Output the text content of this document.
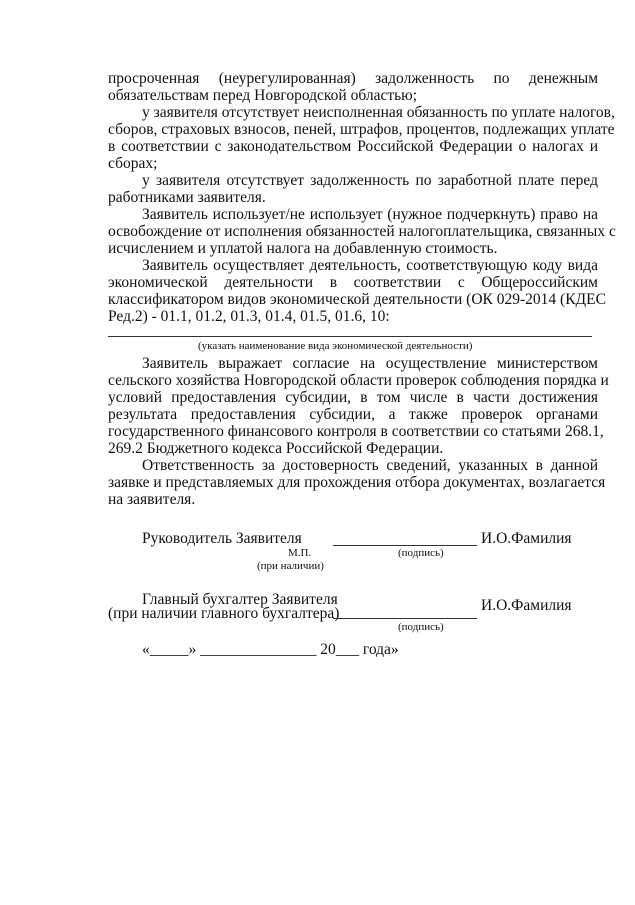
просроченная (неурегулированная) задолженность по денежным

обязательствам перед Новгородской областью;

у заявителя отсутствует неисполненная обязанность по уплате налогов,

сборов, страховых взносов, пеней, штрафов, процентов, подлежащих уплате

в соответствии с законодательством Российской Федерации о налогах и

сборах;

у заявителя отсутствует задолженность по заработной плате перед

работниками заявителя.

Заявитель использует/не использует (нужное подчеркнуть) право на

освобождение от исполнения обязанностей налогоплательщика, связанных с

исчислением и уплатой налога на добавленную стоимость.

Заявитель осуществляет деятельность, соответствующую коду вида

экономической деятельности в соответствии с Общероссийским

классификатором видов экономической деятельности (ОК 029-2014 (КДЕС

Ред.2) - 01.1, 01.2, 01.3, 01.4, 01.5, 01.6, 10:

(указать наименование вида экономической деятельности)

Заявитель выражает согласие на осуществление министерством

сельского хозяйства Новгородской области проверок соблюдения порядка и

условий предоставления субсидии, в том числе в части достижения

результата предоставления субсидии, а также проверок органами

государственного финансового контроля в соответствии со статьями 268.1,

269.2 Бюджетного кодекса Российской Федерации.

Ответственность за достоверность сведений, указанных в данной

заявке и представляемых для прохождения отбора документах, возлагается

на заявителя.

Руководитель Заявителя	И.О.Фамилия

М.П.	(подпись)

(при наличии)

Главный бухгалтер Заявителя

(при наличии главного бухгалтера)	И.О.Фамилия

(подпись)

«_____» _______________ 20___ года»
